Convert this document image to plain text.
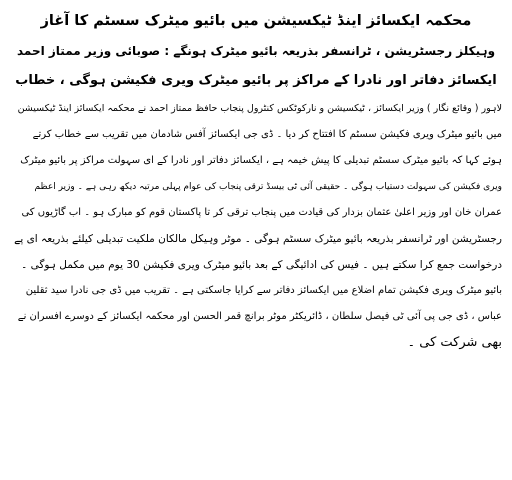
محکمہ ایکسائز اینڈ ٹیکسیشن میں بائیو میٹرک سسٹم کا آغاز

وہیکلز رجسٹریشن ، ٹرانسفر بذریعہ بائیو میٹرک ہونگے : صوبائی وزیر ممتاز احمد

ایکسائز دفاتر اور نادرا کے مراکز پر بائیو میٹرک ویری فکیشن ہوگی ، خطاب

لاہور ( وقائع نگار ) وزیر ایکسائز ، ٹیکسیشن و نارکوٹکس کنٹرول پنجاب حافظ ممتاز احمد نے محکمہ ایکسائز اینڈ ٹیکسیشن
میں بائیو میٹرک ویری فکیشن سسٹم کا افتتاح کر دیا ۔ ڈی جی ایکسائز آفس شادمان میں تقریب سے خطاب کرتے
ہوئے کہا کہ بائیو میٹرک سسٹم تبدیلی کا پیش خیمہ ہے ، ایکسائز دفاتر اور نادرا کے ای سہولت مراکز پر بائیو میٹرک
ویری فکیشن کی سہولت دستیاب ہوگی ۔ حقیقی آئی ٹی بیسڈ ترقی پنجاب کی عوام پہلی مرتبہ دیکھ رہی ہے ۔ وزیر اعظم
عمران خان اور وزیر اعلیٰ عثمان بزدار کی قیادت میں پنجاب ترقی کر تا پاکستان قوم کو مبارک ہو ۔ اب گاڑیوں کی
رجسٹریشن اور ٹرانسفر بذریعہ بائیو میٹرک سسٹم ہوگی ۔ موٹر وہیکل مالکان ملکیت تبدیلی کیلئے بذریعہ ای پے
درخواست جمع کرا سکتے ہیں ۔ فیس کی ادائیگی کے بعد بائیو میٹرک ویری فکیشن 30 یوم میں مکمل ہوگی ۔
بائیو میٹرک ویری فکیشن تمام اضلاع میں ایکسائز دفاتر سے کرایا جاسکتی ہے ۔ تقریب میں ڈی جی نادرا سید ثقلین
عباس ، ڈی جی پی آئی ٹی فیصل سلطان ، ڈائریکٹر موٹر برانچ قمر الحسن اور محکمہ ایکسائز کے دوسرے افسران نے
بھی شرکت کی ۔
